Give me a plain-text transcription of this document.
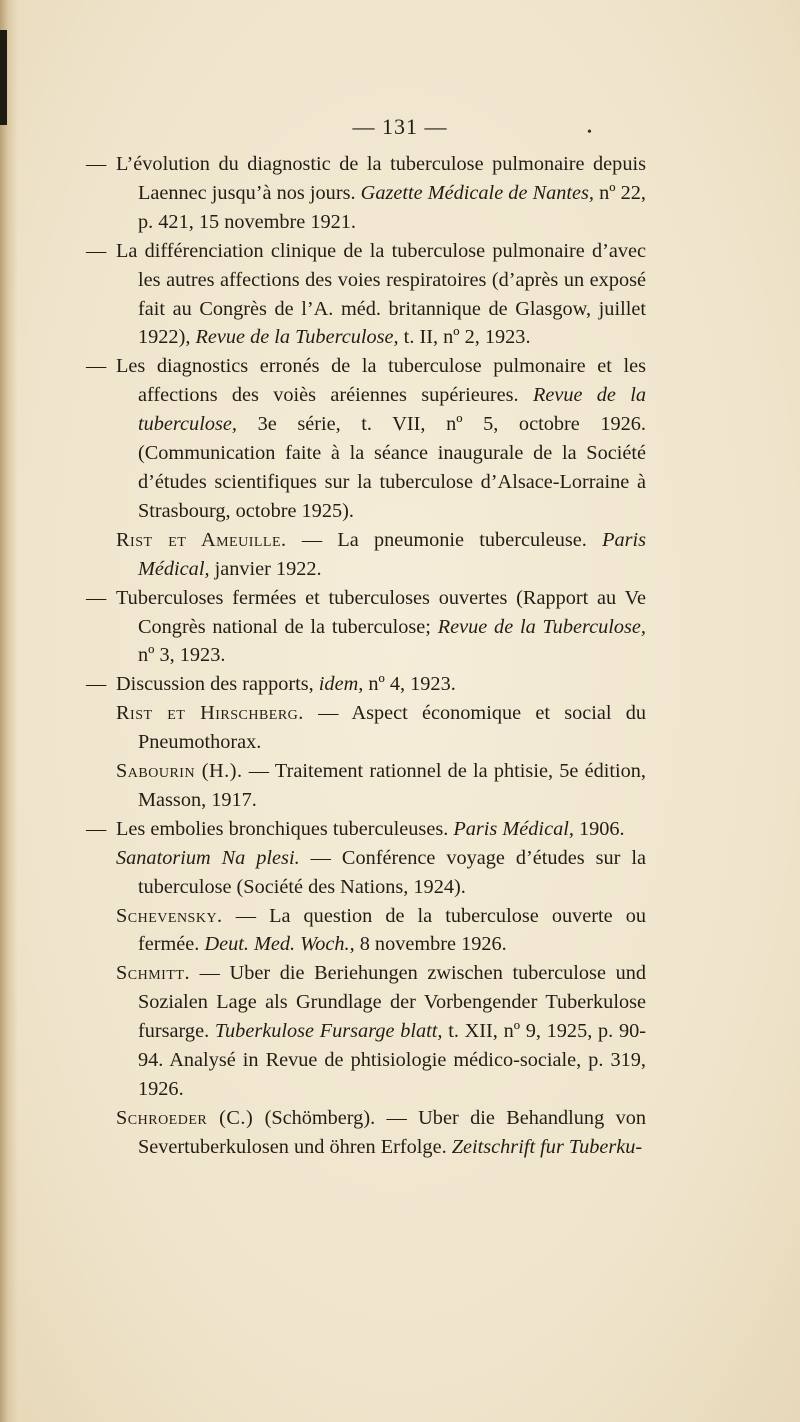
— 131 —	•

— L’évolution du diagnostic de la tuberculose pulmonaire depuis Laennec jusqu’à nos jours. Gazette Médicale de Nantes, nº 22, p. 421, 15 novembre 1921.

— La différenciation clinique de la tuberculose pulmonaire d’avec les autres affections des voies respiratoires (d’après un exposé fait au Congrès de l’A. méd. britannique de Glasgow, juillet 1922), Revue de la Tuberculose, t. II, nº 2, 1923.

— Les diagnostics erronés de la tuberculose pulmonaire et les affections des voiès aréiennes supérieures. Revue de la tuberculose, 3e série, t. VII, nº 5, octobre 1926. (Communication faite à la séance inaugurale de la Société d’études scientifiques sur la tuberculose d’Alsace-Lorraine à Strasbourg, octobre 1925).

Rist et Ameuille. — La pneumonie tuberculeuse. Paris Médical, janvier 1922.

— Tuberculoses fermées et tuberculoses ouvertes (Rapport au Ve Congrès national de la tuberculose; Revue de la Tuberculose, nº 3, 1923.

— Discussion des rapports, idem, nº 4, 1923.

Rist et Hirschberg. — Aspect économique et social du Pneumothorax.

Sabourin (H.). — Traitement rationnel de la phtisie, 5e édition, Masson, 1917.

— Les embolies bronchiques tuberculeuses. Paris Médical, 1906.

Sanatorium Na plesi. — Conférence voyage d’études sur la tuberculose (Société des Nations, 1924).

Schevensky. — La question de la tuberculose ouverte ou fermée. Deut. Med. Woch., 8 novembre 1926.

Schmitt. — Uber die Beriehungen zwischen tuberculose und Sozialen Lage als Grundlage der Vorbengender Tuberkulose fursarge. Tuberkulose Fursarge blatt, t. XII, nº 9, 1925, p. 90-94. Analysé in Revue de phtisiologie médico-sociale, p. 319, 1926.

Schroeder (C.) (Schömberg). — Uber die Behandlung von Severtuberkulosen und öhren Erfolge. Zeitschrift fur Tuberku-
